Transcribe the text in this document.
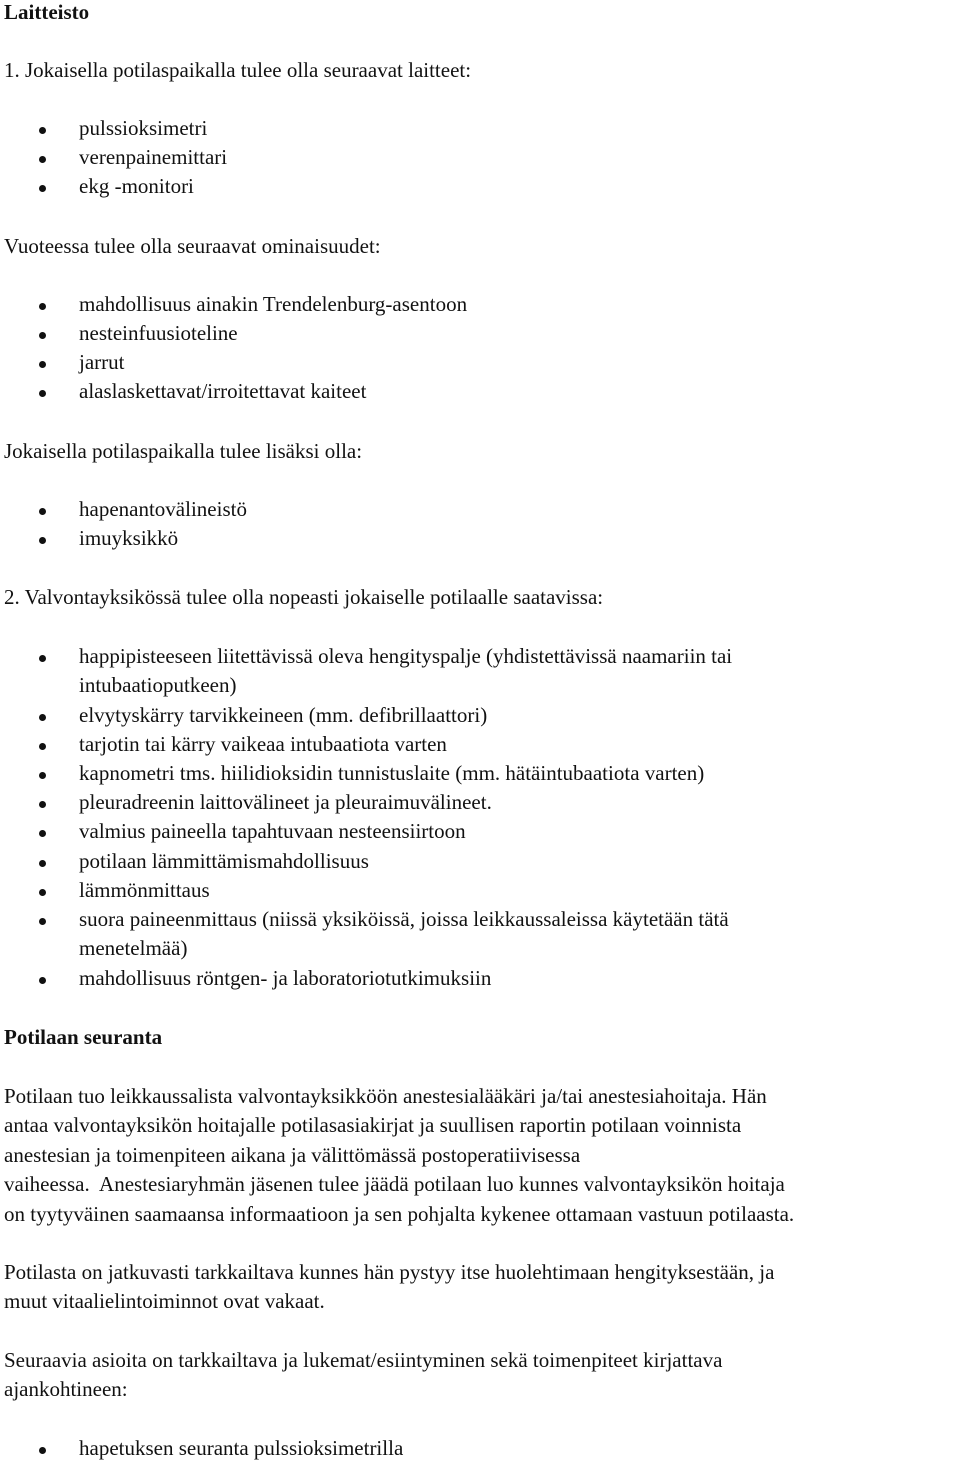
Laitteisto
1. Jokaisella potilaspaikalla tulee olla seuraavat laitteet:
pulssioksimetri
verenpainemittari
ekg -monitori
Vuoteessa tulee olla seuraavat ominaisuudet:
mahdollisuus ainakin Trendelenburg-asentoon
nesteinfuusioteline
jarrut
alaslaskettavat/irroitettavat kaiteet
Jokaisella potilaspaikalla tulee lisäksi olla:
hapenantovälineistö
imuyksikkö
2. Valvontayksikössä tulee olla nopeasti jokaiselle potilaalle saatavissa:
happipisteeseen liitettävissä oleva hengityspalje (yhdistettävissä naamariin tai
intubaatioputkeen)
elvytyskärry tarvikkeineen (mm. defibrillaattori)
tarjotin tai kärry vaikeaa intubaatiota varten
kapnometri tms. hiilidioksidin tunnistuslaite (mm. hätäintubaatiota varten)
pleuradreenin laittovälineet ja pleuraimuvälineet.
valmius paineella tapahtuvaan nesteensiirtoon
potilaan lämmittämismahdollisuus
lämmönmittaus
suora paineenmittaus (niissä yksiköissä, joissa leikkaussaleissa käytetään tätä
menetelmää)
mahdollisuus röntgen- ja laboratoriotutkimuksiin
Potilaan seuranta
Potilaan tuo leikkaussalista valvontayksikköön anestesialääkäri ja/tai anestesiahoitaja. Hän
antaa valvontayksikön hoitajalle potilasasiakirjat ja suullisen raportin potilaan voinnista
anestesian ja toimenpiteen aikana ja välittömässä postoperatiivisessa
vaiheessa.  Anestesiaryhmän jäsenen tulee jäädä potilaan luo kunnes valvontayksikön hoitaja
on tyytyväinen saamaansa informaatioon ja sen pohjalta kykenee ottamaan vastuun potilaasta.
Potilasta on jatkuvasti tarkkailtava kunnes hän pystyy itse huolehtimaan hengityksestään, ja
muut vitaalielintoiminnot ovat vakaat.
Seuraavia asioita on tarkkailtava ja lukemat/esiintyminen sekä toimenpiteet kirjattava
ajankohtineen:
hapetuksen seuranta pulssioksimetrilla
